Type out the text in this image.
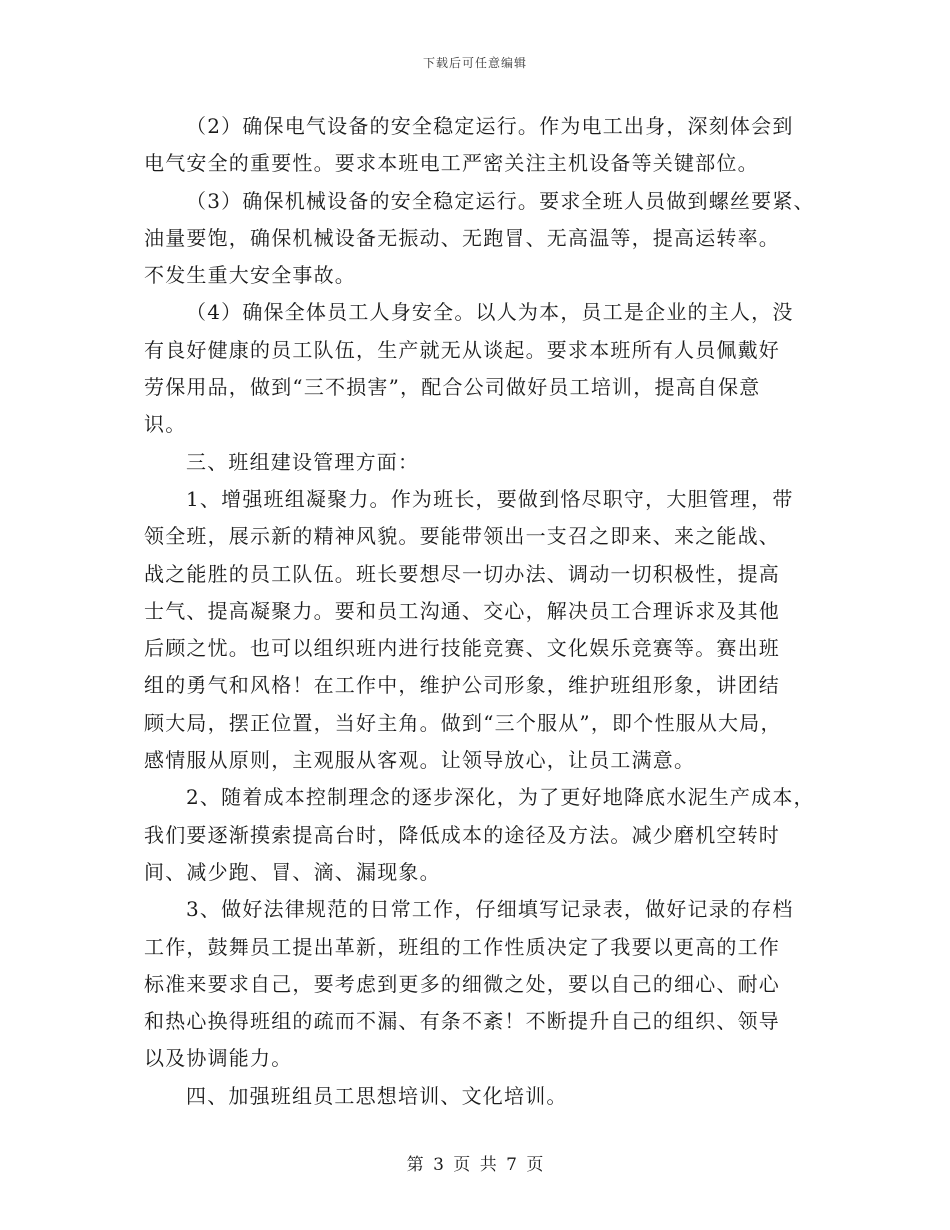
下载后可任意编辑
（2）确保电气设备的安全稳定运行。作为电工出身，深刻体会到
电气安全的重要性。要求本班电工严密关注主机设备等关键部位。
（3）确保机械设备的安全稳定运行。要求全班人员做到螺丝要紧、
油量要饱，确保机械设备无振动、无跑冒、无高温等，提高运转率。
不发生重大安全事故。
（4）确保全体员工人身安全。以人为本，员工是企业的主人，没
有良好健康的员工队伍，生产就无从谈起。要求本班所有人员佩戴好
劳保用品，做到“三不损害”，配合公司做好员工培训，提高自保意
识。
三、班组建设管理方面：
1、增强班组凝聚力。作为班长，要做到恪尽职守，大胆管理，带
领全班，展示新的精神风貌。要能带领出一支召之即来、来之能战、
战之能胜的员工队伍。班长要想尽一切办法、调动一切积极性，提高
士气、提高凝聚力。要和员工沟通、交心，解决员工合理诉求及其他
后顾之忧。也可以组织班内进行技能竞赛、文化娱乐竞赛等。赛出班
组的勇气和风格！在工作中，维护公司形象，维护班组形象，讲团结
顾大局，摆正位置，当好主角。做到“三个服从”，即个性服从大局，
感情服从原则，主观服从客观。让领导放心，让员工满意。
2、随着成本控制理念的逐步深化，为了更好地降底水泥生产成本，
我们要逐渐摸索提高台时，降低成本的途径及方法。减少磨机空转时
间、减少跑、冒、滴、漏现象。
3、做好法律规范的日常工作，仔细填写记录表，做好记录的存档
工作，鼓舞员工提出革新，班组的工作性质决定了我要以更高的工作
标准来要求自己，要考虑到更多的细微之处，要以自己的细心、耐心
和热心换得班组的疏而不漏、有条不紊！不断提升自己的组织、领导
以及协调能力。
四、加强班组员工思想培训、文化培训。
第 3 页 共 7 页
